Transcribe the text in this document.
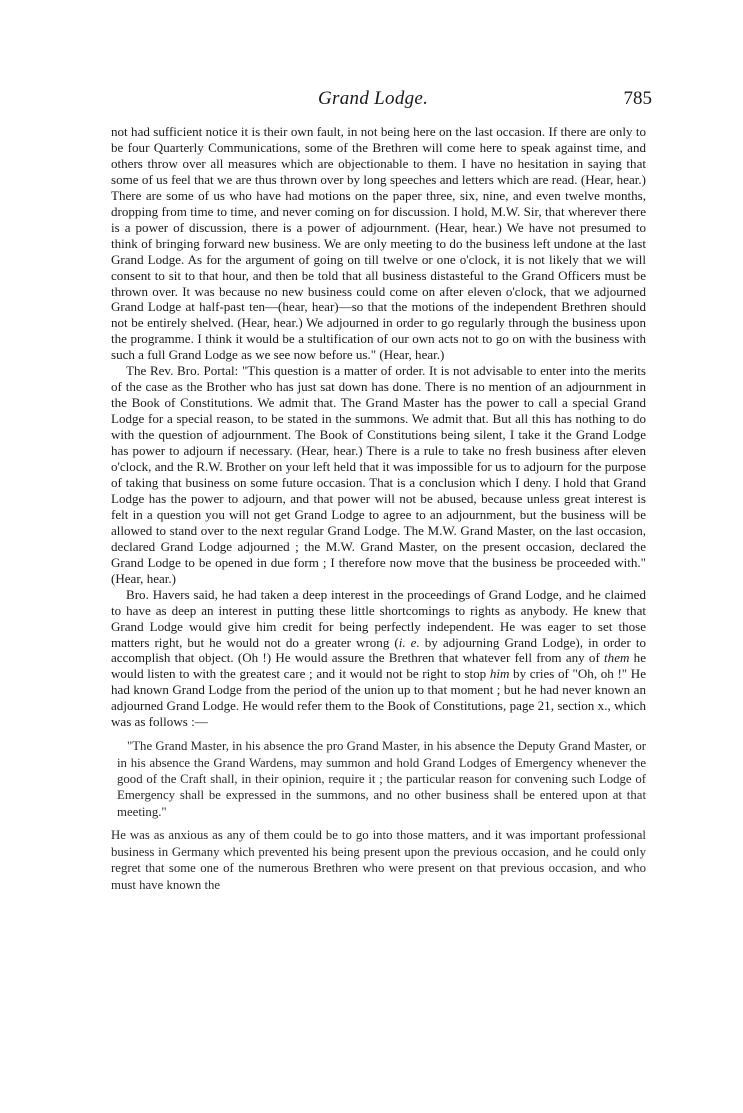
Grand Lodge.	785

not had sufficient notice it is their own fault, in not being here on the last occasion. If there are only to be four Quarterly Communications, some of the Brethren will come here to speak against time, and others throw over all measures which are objectionable to them. I have no hesitation in saying that some of us feel that we are thus thrown over by long speeches and letters which are read. (Hear, hear.) There are some of us who have had motions on the paper three, six, nine, and even twelve months, dropping from time to time, and never coming on for discussion. I hold, M.W. Sir, that wherever there is a power of discussion, there is a power of adjournment. (Hear, hear.) We have not presumed to think of bringing forward new business. We are only meeting to do the business left undone at the last Grand Lodge. As for the argument of going on till twelve or one o'clock, it is not likely that we will consent to sit to that hour, and then be told that all business distasteful to the Grand Officers must be thrown over. It was because no new business could come on after eleven o'clock, that we adjourned Grand Lodge at half-past ten—(hear, hear)—so that the motions of the independent Brethren should not be entirely shelved. (Hear, hear.) We adjourned in order to go regularly through the business upon the programme. I think it would be a stultification of our own acts not to go on with the business with such a full Grand Lodge as we see now before us." (Hear, hear.)

The Rev. Bro. Portal: "This question is a matter of order. It is not advisable to enter into the merits of the case as the Brother who has just sat down has done. There is no mention of an adjournment in the Book of Constitutions. We admit that. The Grand Master has the power to call a special Grand Lodge for a special reason, to be stated in the summons. We admit that. But all this has nothing to do with the question of adjournment. The Book of Constitutions being silent, I take it the Grand Lodge has power to adjourn if necessary. (Hear, hear.) There is a rule to take no fresh business after eleven o'clock, and the R.W. Brother on your left held that it was impossible for us to adjourn for the purpose of taking that business on some future occasion. That is a conclusion which I deny. I hold that Grand Lodge has the power to adjourn, and that power will not be abused, because unless great interest is felt in a question you will not get Grand Lodge to agree to an adjournment, but the business will be allowed to stand over to the next regular Grand Lodge. The M.W. Grand Master, on the last occasion, declared Grand Lodge adjourned ; the M.W. Grand Master, on the present occasion, declared the Grand Lodge to be opened in due form ; I therefore now move that the business be proceeded with." (Hear, hear.)

Bro. Havers said, he had taken a deep interest in the proceedings of Grand Lodge, and he claimed to have as deep an interest in putting these little shortcomings to rights as anybody. He knew that Grand Lodge would give him credit for being perfectly independent. He was eager to set those matters right, but he would not do a greater wrong (i. e. by adjourning Grand Lodge), in order to accomplish that object. (Oh !) He would assure the Brethren that whatever fell from any of them he would listen to with the greatest care ; and it would not be right to stop him by cries of "Oh, oh !" He had known Grand Lodge from the period of the union up to that moment ; but he had never known an adjourned Grand Lodge. He would refer them to the Book of Constitutions, page 21, section x., which was as follows :—

"The Grand Master, in his absence the pro Grand Master, in his absence the Deputy Grand Master, or in his absence the Grand Wardens, may summon and hold Grand Lodges of Emergency whenever the good of the Craft shall, in their opinion, require it ; the particular reason for convening such Lodge of Emergency shall be expressed in the summons, and no other business shall be entered upon at that meeting."

He was as anxious as any of them could be to go into those matters, and it was important professional business in Germany which prevented his being present upon the previous occasion, and he could only regret that some one of the numerous Brethren who were present on that previous occasion, and who must have known the
